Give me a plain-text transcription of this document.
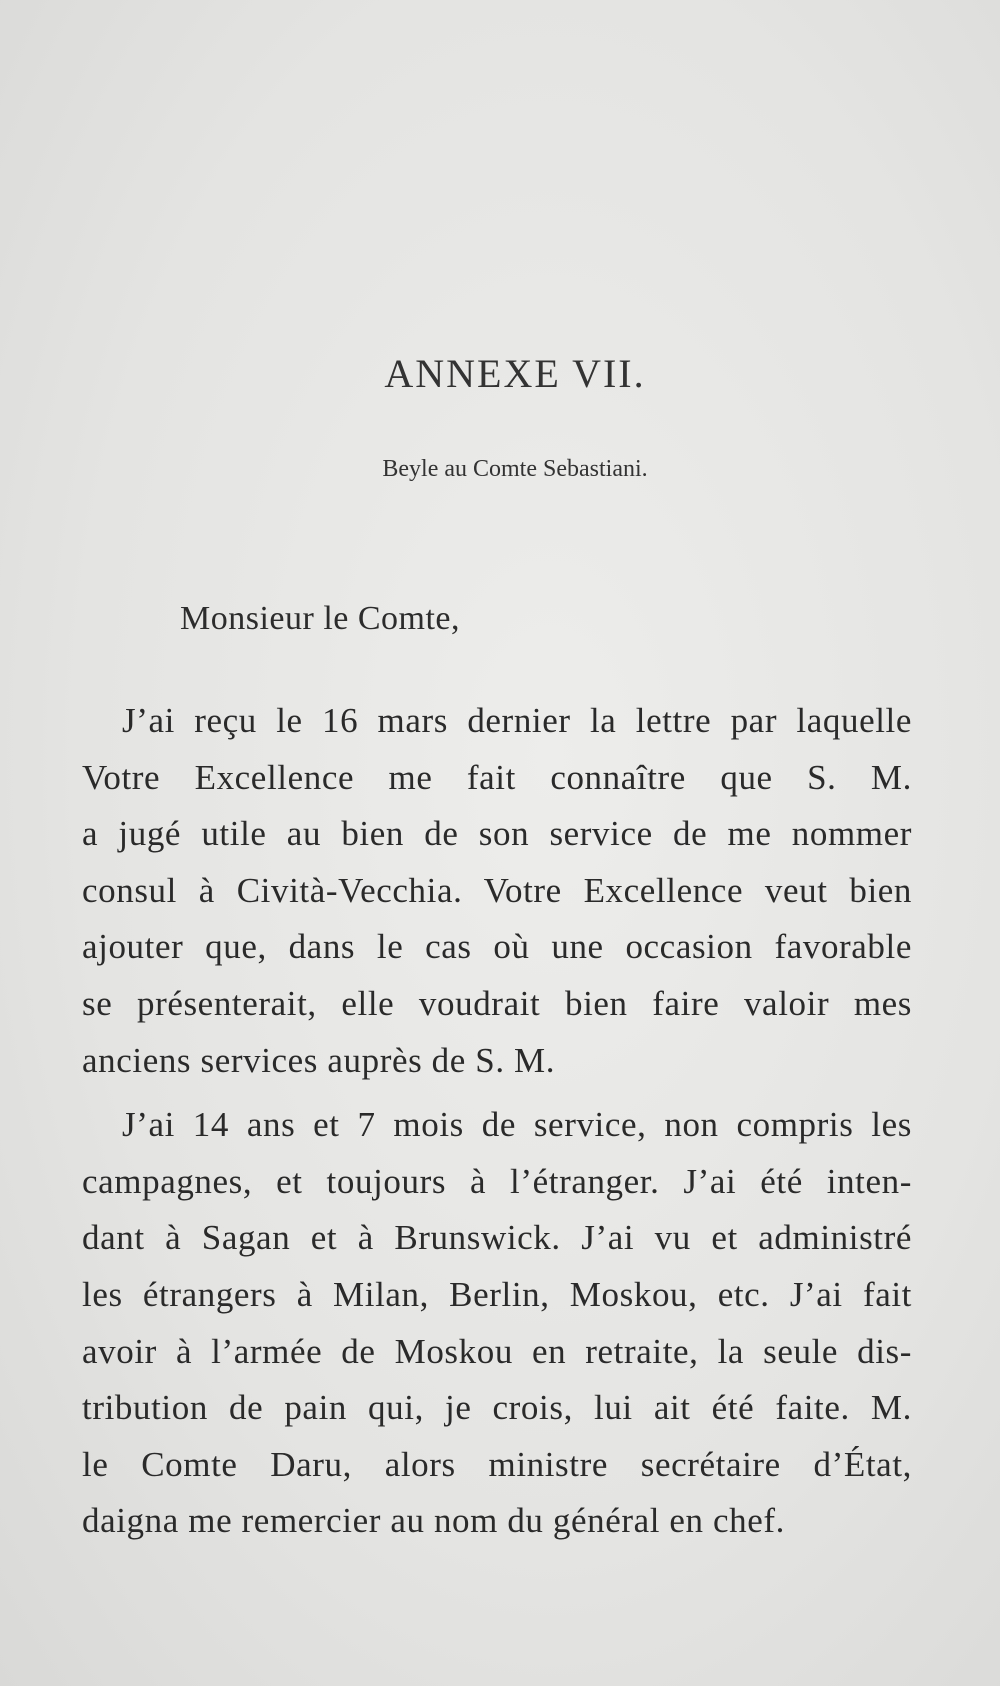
ANNEXE VII.
Beyle au Comte Sebastiani.
Monsieur le Comte,
J’ai reçu le 16 mars dernier la lettre par laquelle
Votre Excellence me fait connaître que S. M.
a jugé utile au bien de son service de me nommer
consul à Cività-Vecchia. Votre Excellence veut bien
ajouter que, dans le cas où une occasion favorable
se présenterait, elle voudrait bien faire valoir mes
anciens services auprès de S. M.
J’ai 14 ans et 7 mois de service, non compris les
campagnes, et toujours à l’étranger. J’ai été inten-
dant à Sagan et à Brunswick. J’ai vu et administré
les étrangers à Milan, Berlin, Moskou, etc. J’ai fait
avoir à l’armée de Moskou en retraite, la seule dis-
tribution de pain qui, je crois, lui ait été faite. M.
le Comte Daru, alors ministre secrétaire d’État,
daigna me remercier au nom du général en chef.
